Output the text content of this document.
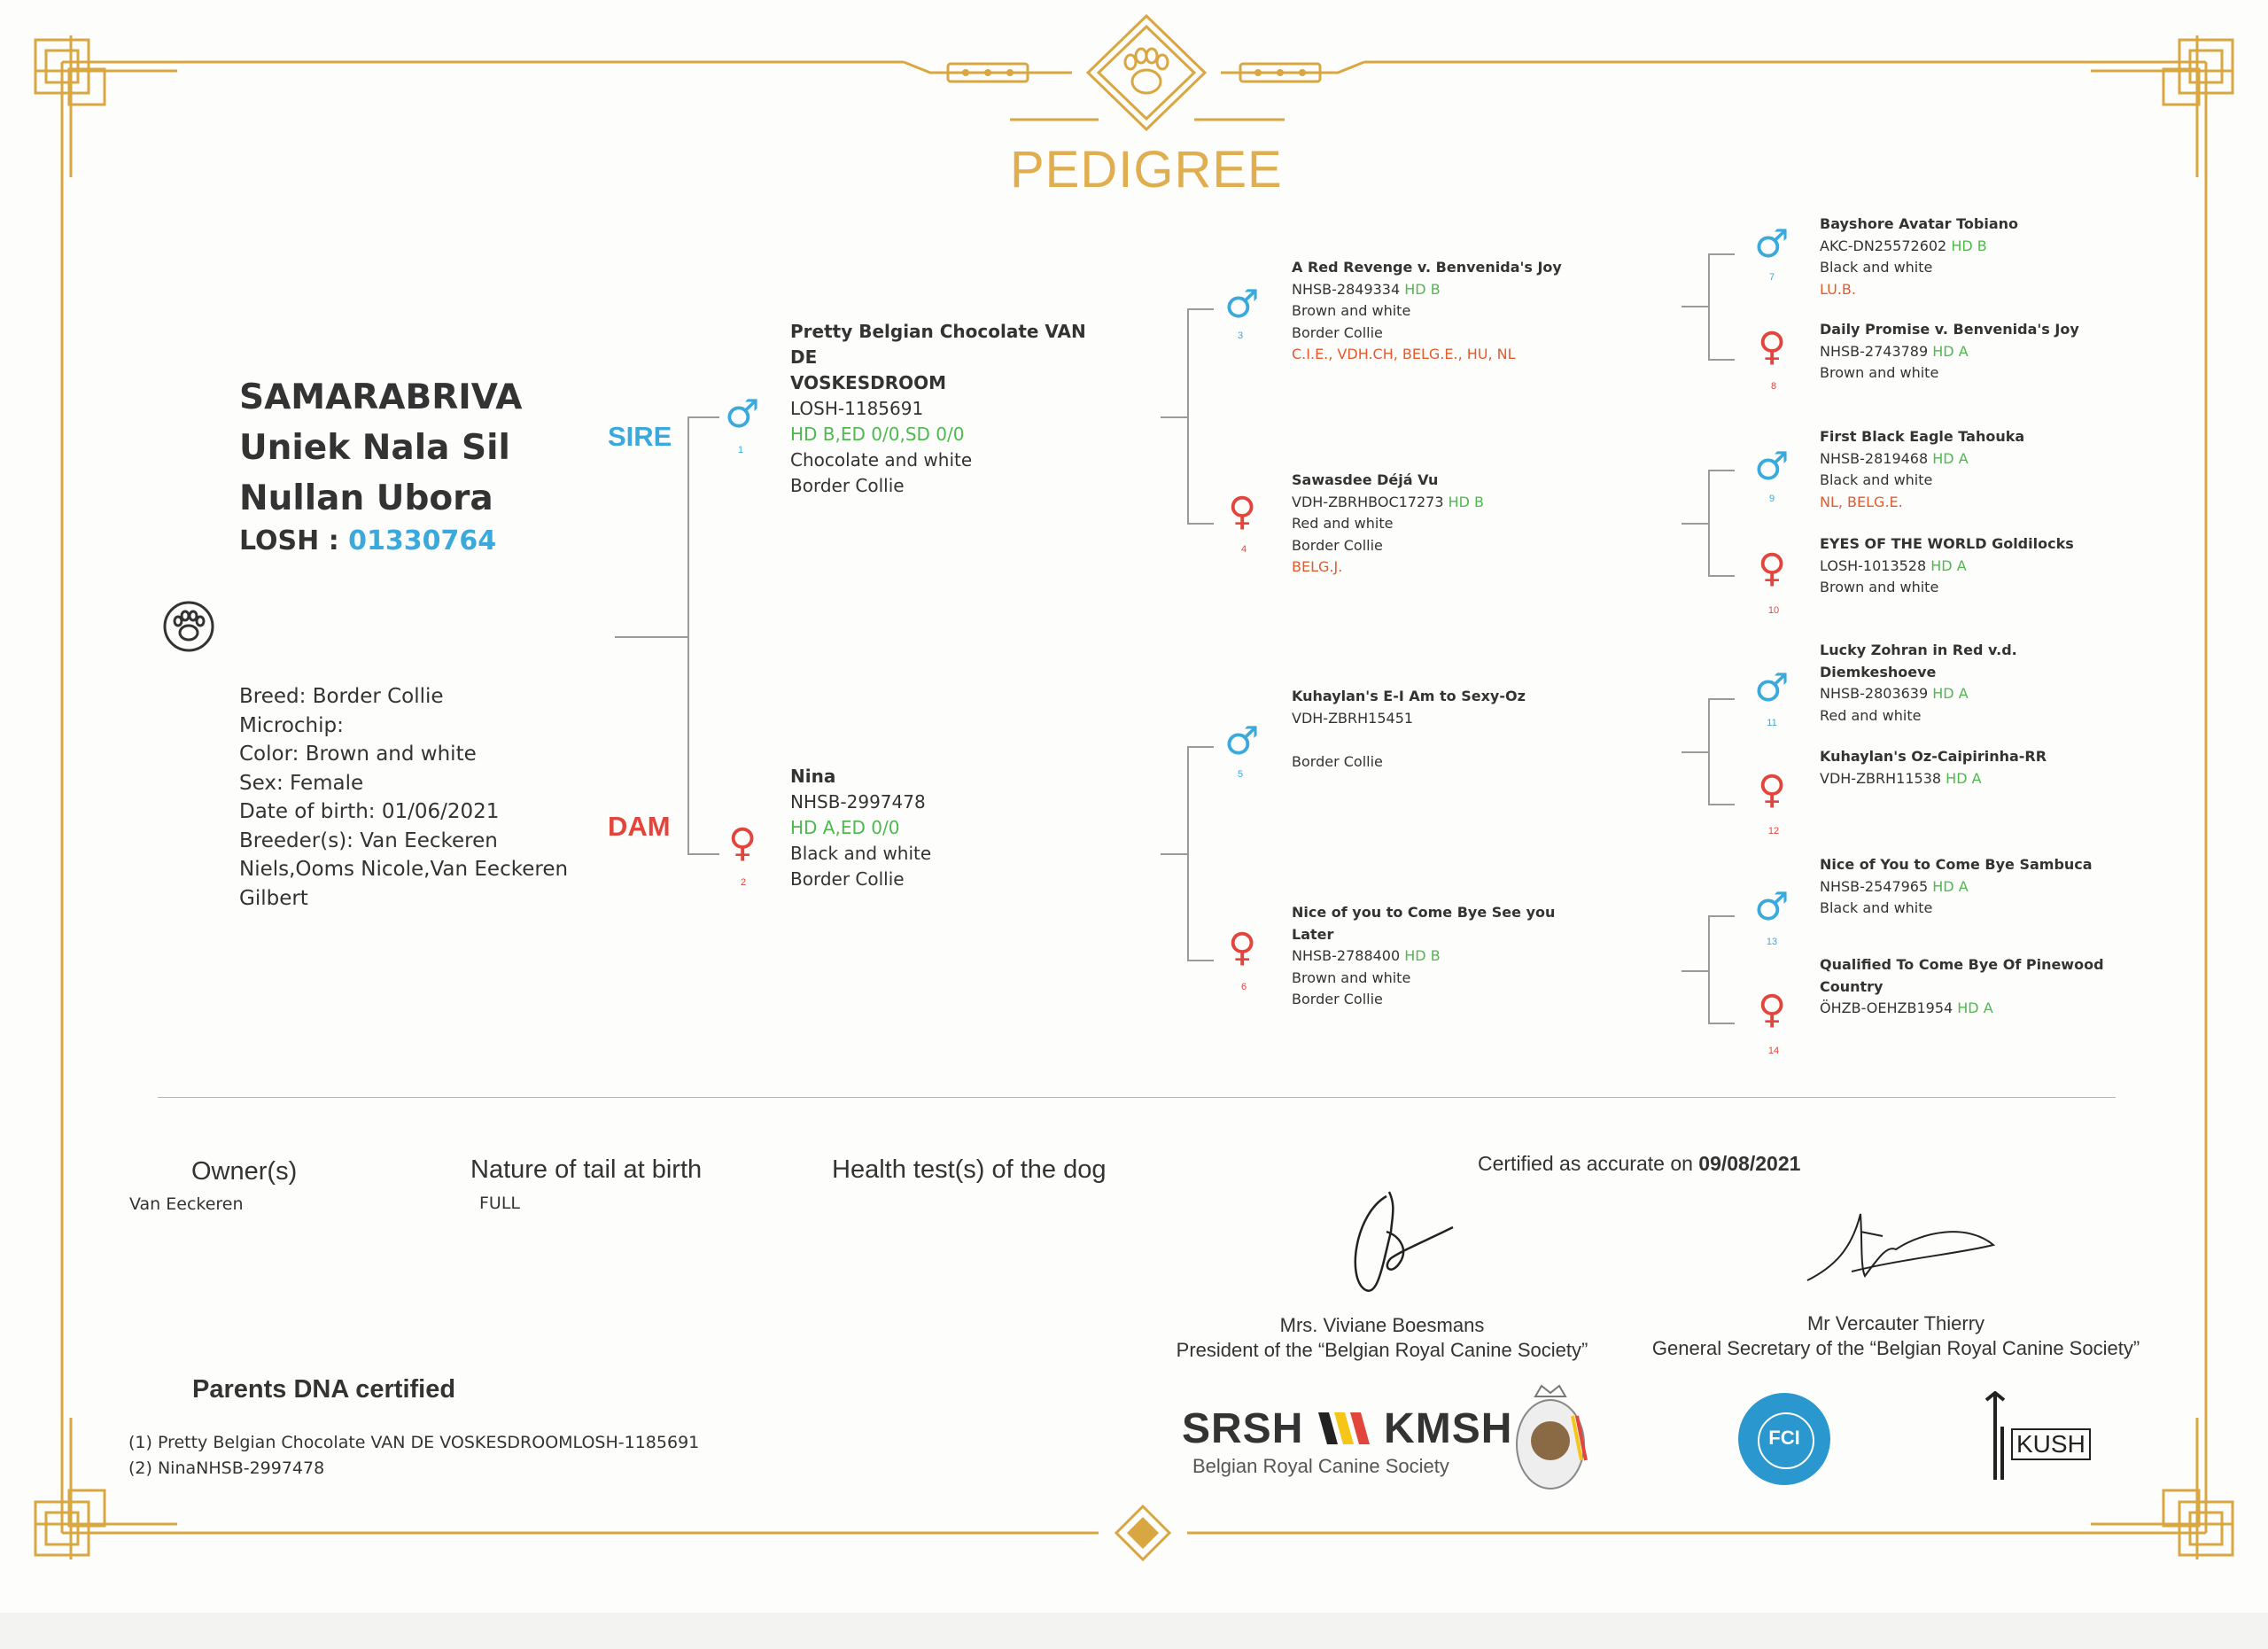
PEDIGREE
SAMARABRIVA
Uniek Nala Sil
Nullan Ubora
LOSH : 01330764
Breed: Border Collie
Microchip:
Color: Brown and white
Sex: Female
Date of birth: 01/06/2021
Breeder(s): Van Eeckeren
Niels,Ooms Nicole,Van Eeckeren
Gilbert
SIRE
DAM
♂
1
♀
2
♂
3
♀
4
♂
5
♀
6
♂
7
♀
8
♂
9
♀
10
♂
11
♀
12
♂
13
♀
14
Pretty Belgian Chocolate VAN DE
VOSKESDROOM
LOSH-1185691
HD B,ED 0/0,SD 0/0
Chocolate and white
Border Collie
Nina
NHSB-2997478
HD A,ED 0/0
Black and white
Border Collie
A Red Revenge v. Benvenida's Joy
NHSB-2849334 HD B
Brown and white
Border Collie
C.I.E., VDH.CH, BELG.E., HU, NL
Sawasdee Déjá Vu
VDH-ZBRHBOC17273 HD B
Red and white
Border Collie
BELG.J.
Kuhaylan's E-I Am to Sexy-Oz
VDH-ZBRH15451
Border Collie
Nice of you to Come Bye See you Later
NHSB-2788400 HD B
Brown and white
Border Collie
Bayshore Avatar Tobiano
AKC-DN25572602 HD B
Black and white
LU.B.
Daily Promise v. Benvenida's Joy
NHSB-2743789 HD A
Brown and white
First Black Eagle Tahouka
NHSB-2819468 HD A
Black and white
NL, BELG.E.
EYES OF THE WORLD Goldilocks
LOSH-1013528 HD A
Brown and white
Lucky Zohran in Red v.d. Diemkeshoeve
NHSB-2803639 HD A
Red and white
Kuhaylan's Oz-Caipirinha-RR
VDH-ZBRH11538 HD A
Nice of You to Come Bye Sambuca
NHSB-2547965 HD A
Black and white
Qualified To Come Bye Of Pinewood
Country
ÖHZB-OEHZB1954 HD A
Owner(s)
Van Eeckeren
Nature of tail at birth
FULL
Health test(s) of the dog	Certified as accurate on 09/08/2021
Mrs. Viviane Boesmans
President of the “Belgian Royal Canine Society”
Mr Vercauter Thierry
General Secretary of the “Belgian Royal Canine Society”
Parents DNA certified
(1) Pretty Belgian Chocolate VAN DE VOSKESDROOMLOSH-1185691
(2) NinaNHSB-2997478
SRSH KMSH
Belgian Royal Canine Society
FCI	KUSH
